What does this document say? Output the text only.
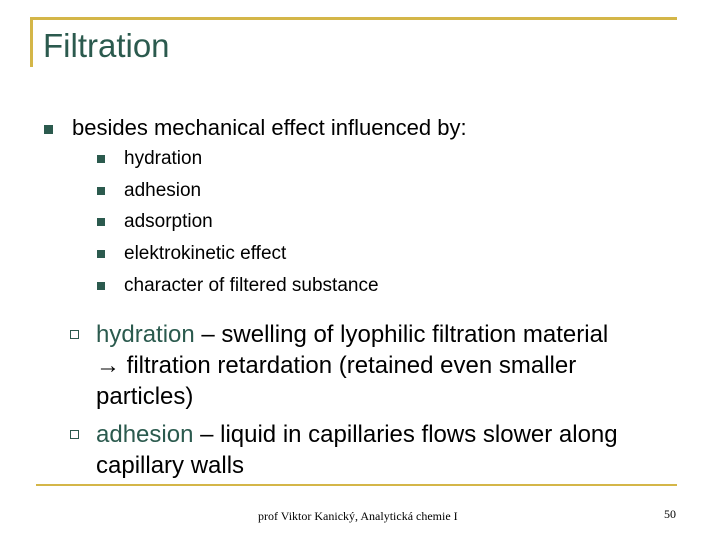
Filtration
besides mechanical effect influenced by:
hydration
adhesion
adsorption
elektrokinetic effect
character of filtered substance
hydration – swelling of lyophilic filtration material
→ filtration retardation (retained even smaller
particles)
adhesion – liquid in capillaries flows slower along
capillary walls
prof Viktor Kanický, Analytická chemie I	50
